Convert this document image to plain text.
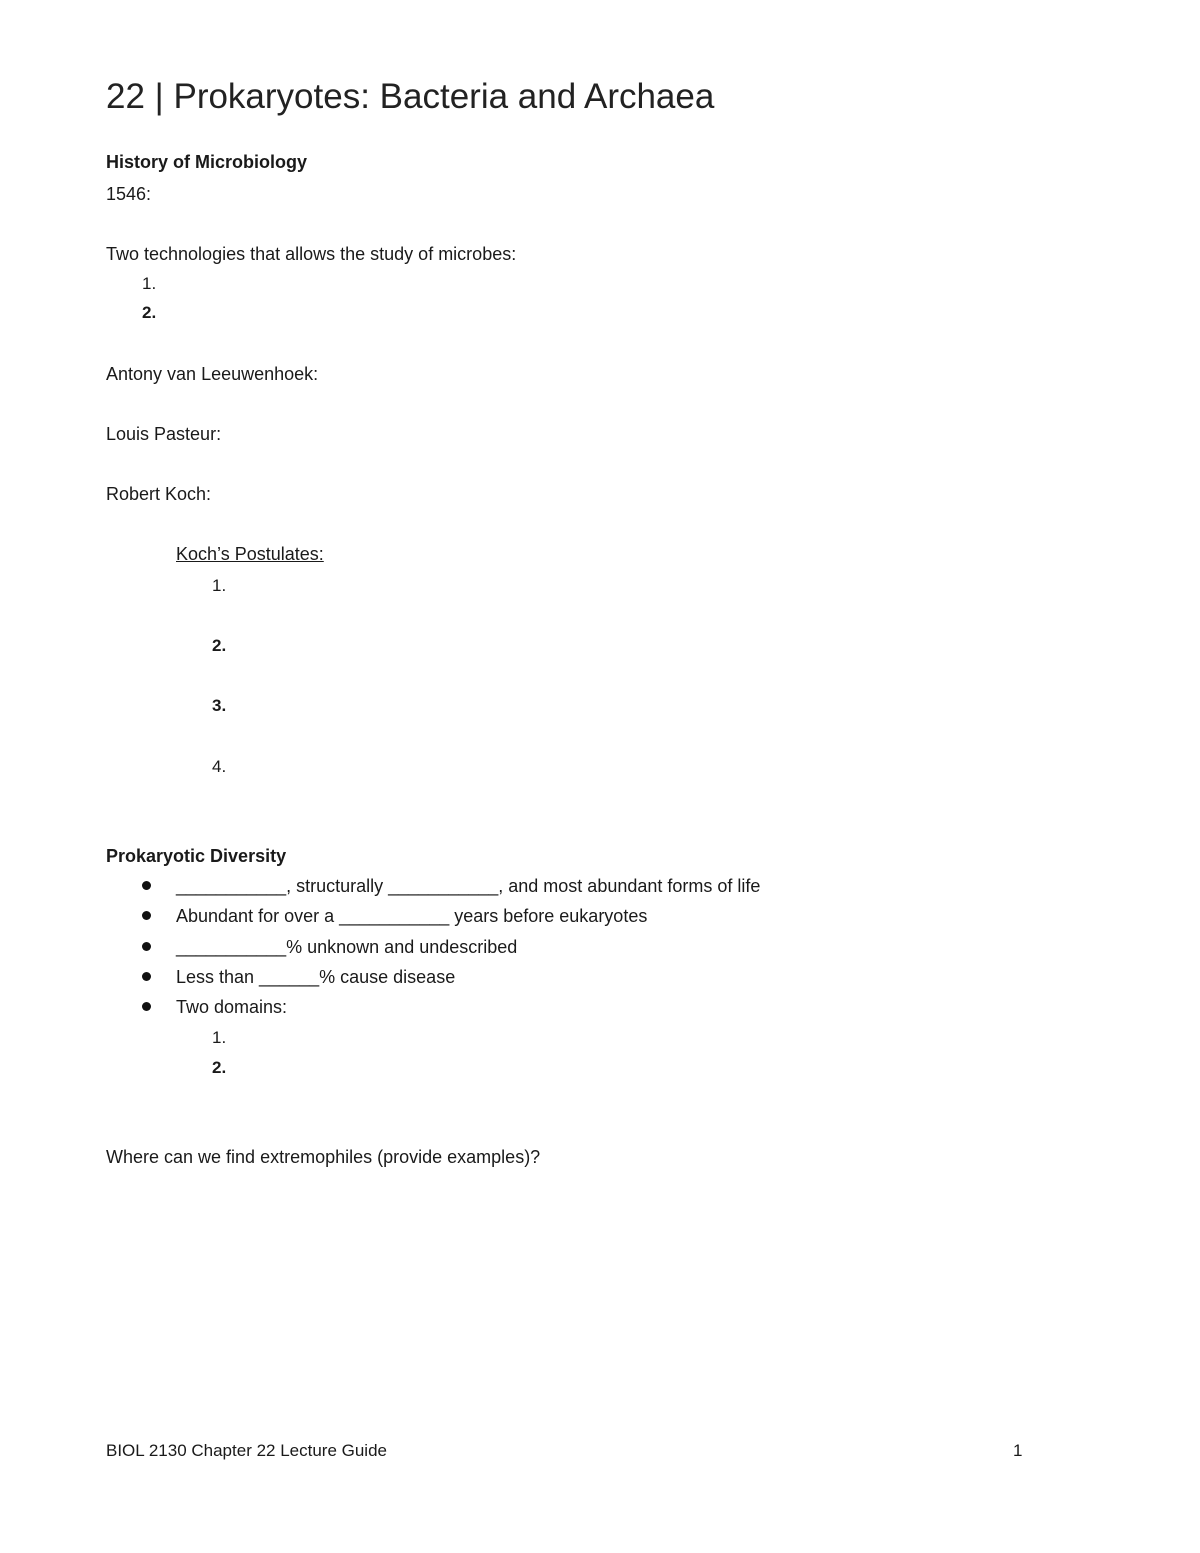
22 | Prokaryotes: Bacteria and Archaea
History of Microbiology
1546:
Two technologies that allows the study of microbes:
1.
2.
Antony van Leeuwenhoek:
Louis Pasteur:
Robert Koch:
Koch’s Postulates:
1.
2.
3.
4.
Prokaryotic Diversity
___________, structurally ___________, and most abundant forms of life
Abundant for over a ___________ years before eukaryotes
___________% unknown and undescribed
Less than ______% cause disease
Two domains:
1.
2.
Where can we find extremophiles (provide examples)?
BIOL 2130 Chapter 22 Lecture Guide	1
